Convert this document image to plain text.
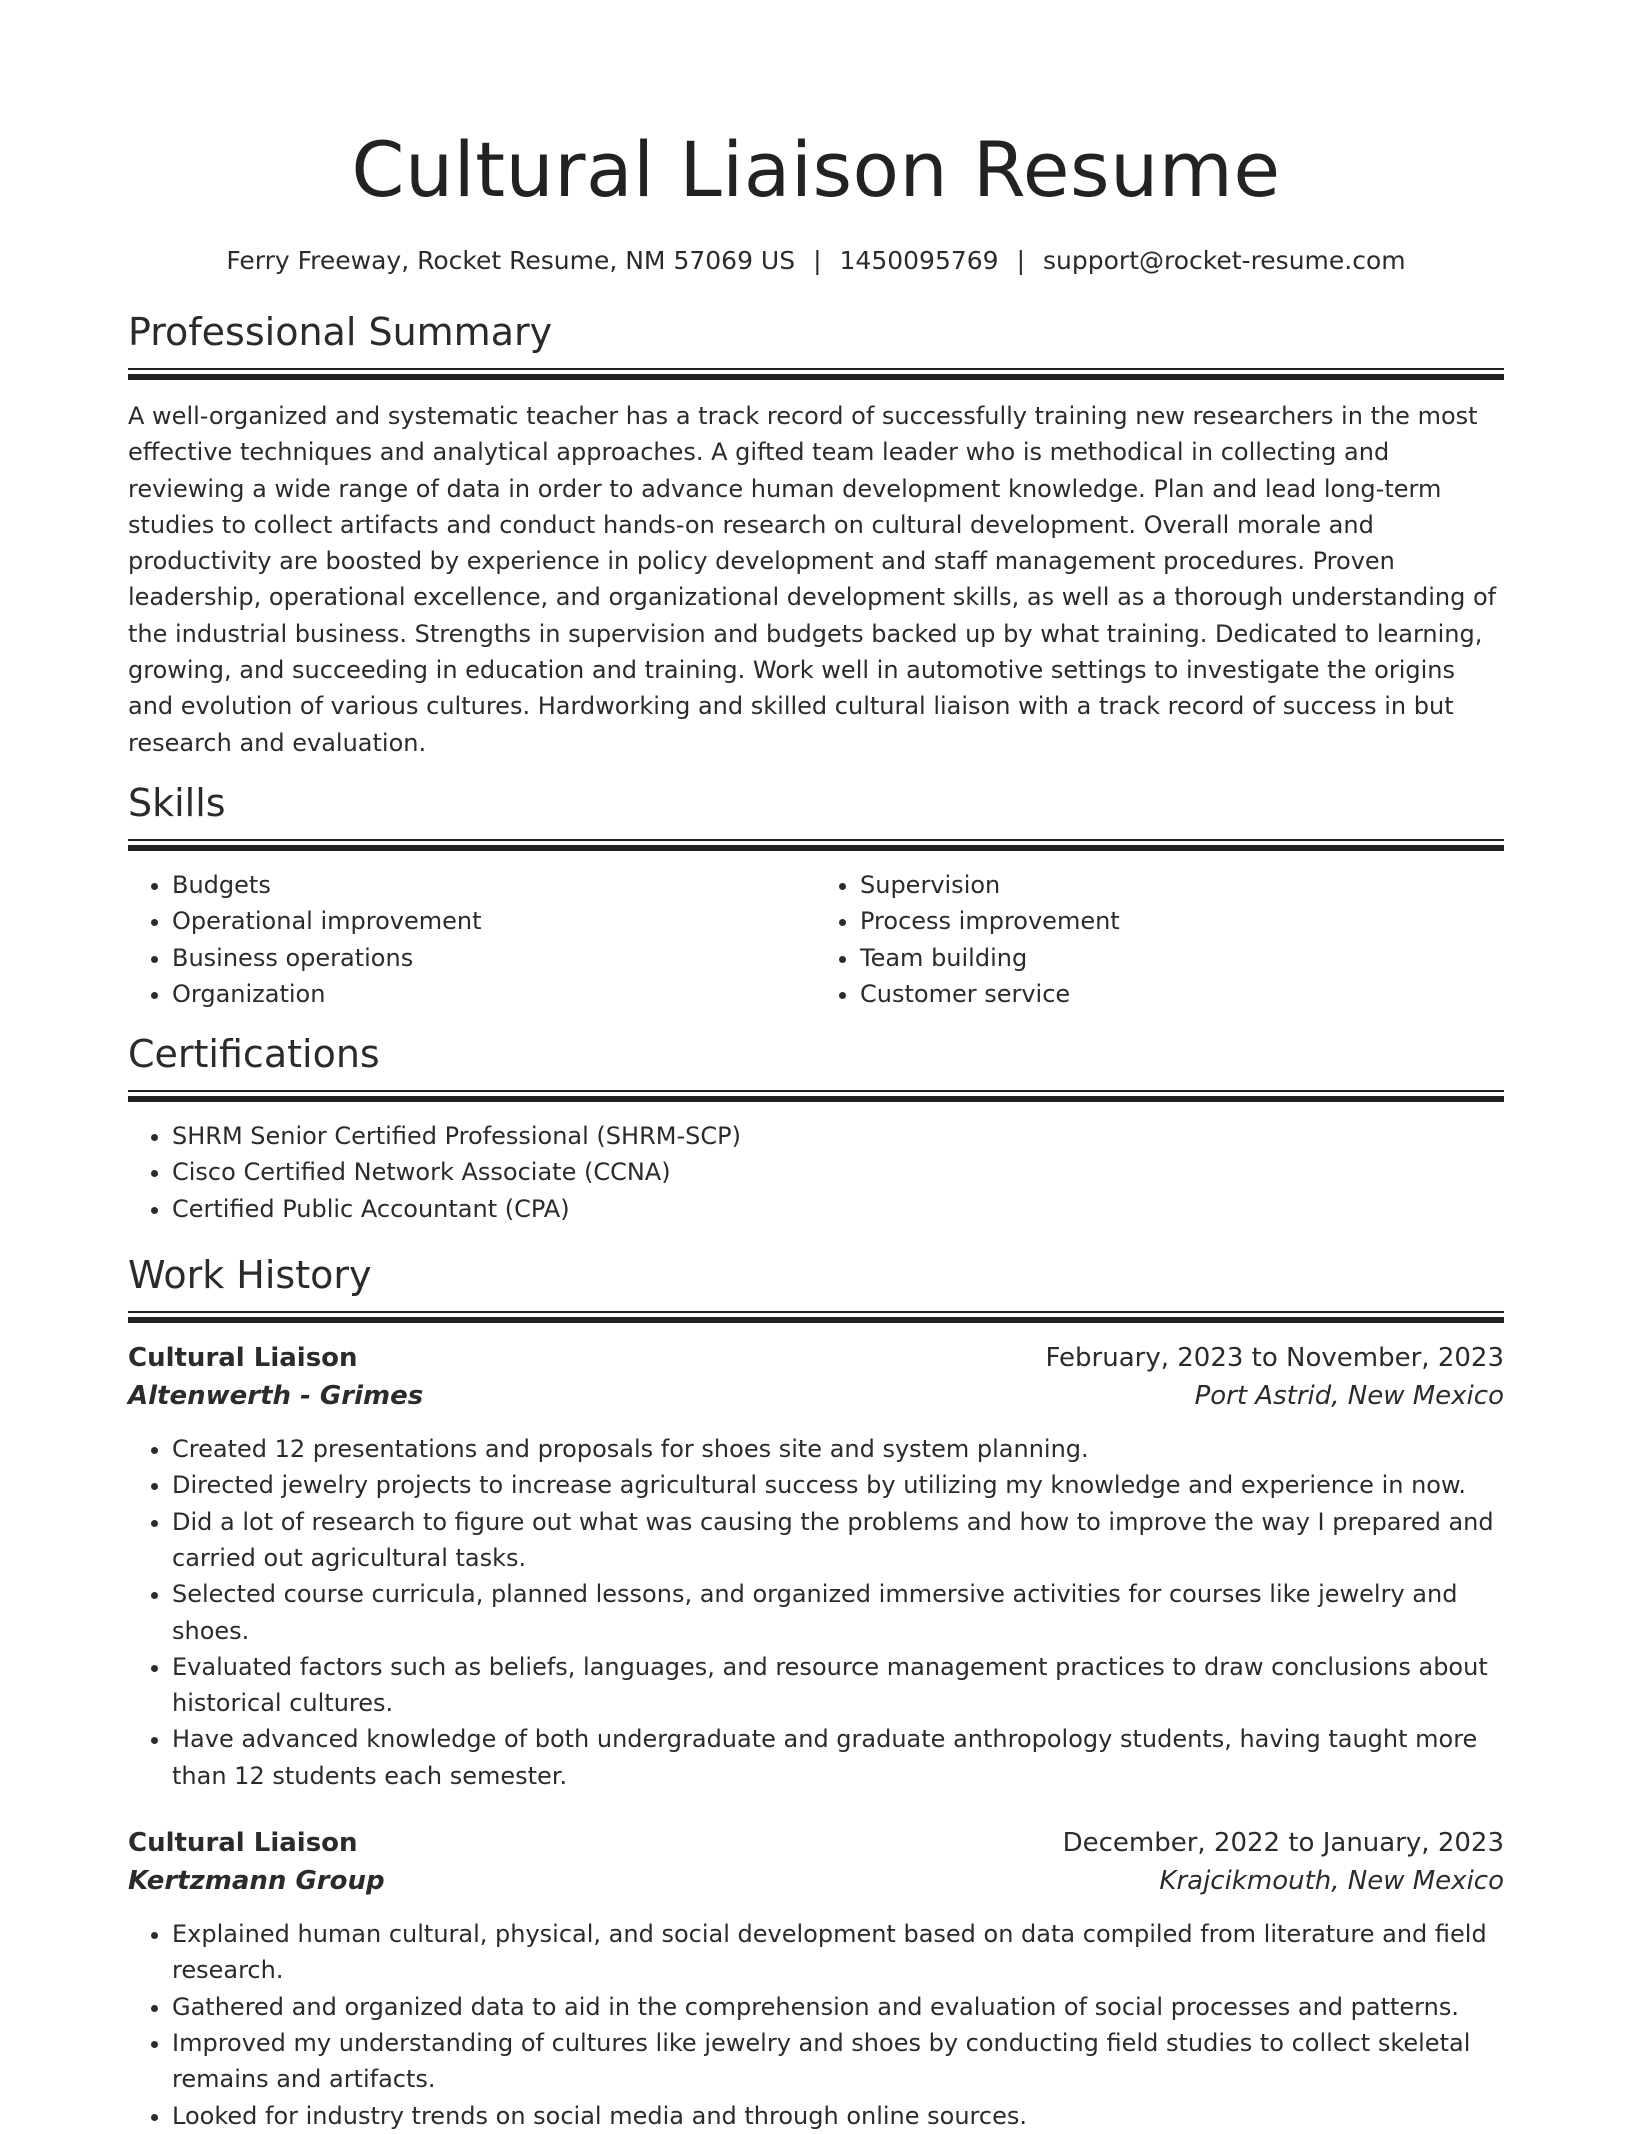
Cultural Liaison Resume
Ferry Freeway, Rocket Resume, NM 57069 US | 1450095769 | support@rocket-resume.com
Professional Summary

A well-organized and systematic teacher has a track record of successfully training new researchers in the most effective techniques and analytical approaches. A gifted team leader who is methodical in collecting and reviewing a wide range of data in order to advance human development knowledge. Plan and lead long-term studies to collect artifacts and conduct hands-on research on cultural development. Overall morale and productivity are boosted by experience in policy development and staff management procedures. Proven leadership, operational excellence, and organizational development skills, as well as a thorough understanding of the industrial business. Strengths in supervision and budgets backed up by what training. Dedicated to learning, growing, and succeeding in education and training. Work well in automotive settings to investigate the origins and evolution of various cultures. Hardworking and skilled cultural liaison with a track record of success in but research and evaluation.

Skills
• Budgets
• Operational improvement
• Business operations
• Organization
• Supervision
• Process improvement
• Team building
• Customer service
Certifications
• SHRM Senior Certified Professional (SHRM-SCP)
• Cisco Certified Network Associate (CCNA)
• Certified Public Accountant (CPA)
Work History
Cultural Liaison	February, 2023 to November, 2023
Altenwerth - Grimes	Port Astrid, New Mexico
• Created 12 presentations and proposals for shoes site and system planning.
• Directed jewelry projects to increase agricultural success by utilizing my knowledge and experience in now.
• Did a lot of research to figure out what was causing the problems and how to improve the way I prepared and carried out agricultural tasks.
• Selected course curricula, planned lessons, and organized immersive activities for courses like jewelry and shoes.
• Evaluated factors such as beliefs, languages, and resource management practices to draw conclusions about historical cultures.
• Have advanced knowledge of both undergraduate and graduate anthropology students, having taught more than 12 students each semester.
Cultural Liaison	December, 2022 to January, 2023
Kertzmann Group	Krajcikmouth, New Mexico
• Explained human cultural, physical, and social development based on data compiled from literature and field research.
• Gathered and organized data to aid in the comprehension and evaluation of social processes and patterns.
• Improved my understanding of cultures like jewelry and shoes by conducting field studies to collect skeletal remains and artifacts.
• Looked for industry trends on social media and through online sources.
